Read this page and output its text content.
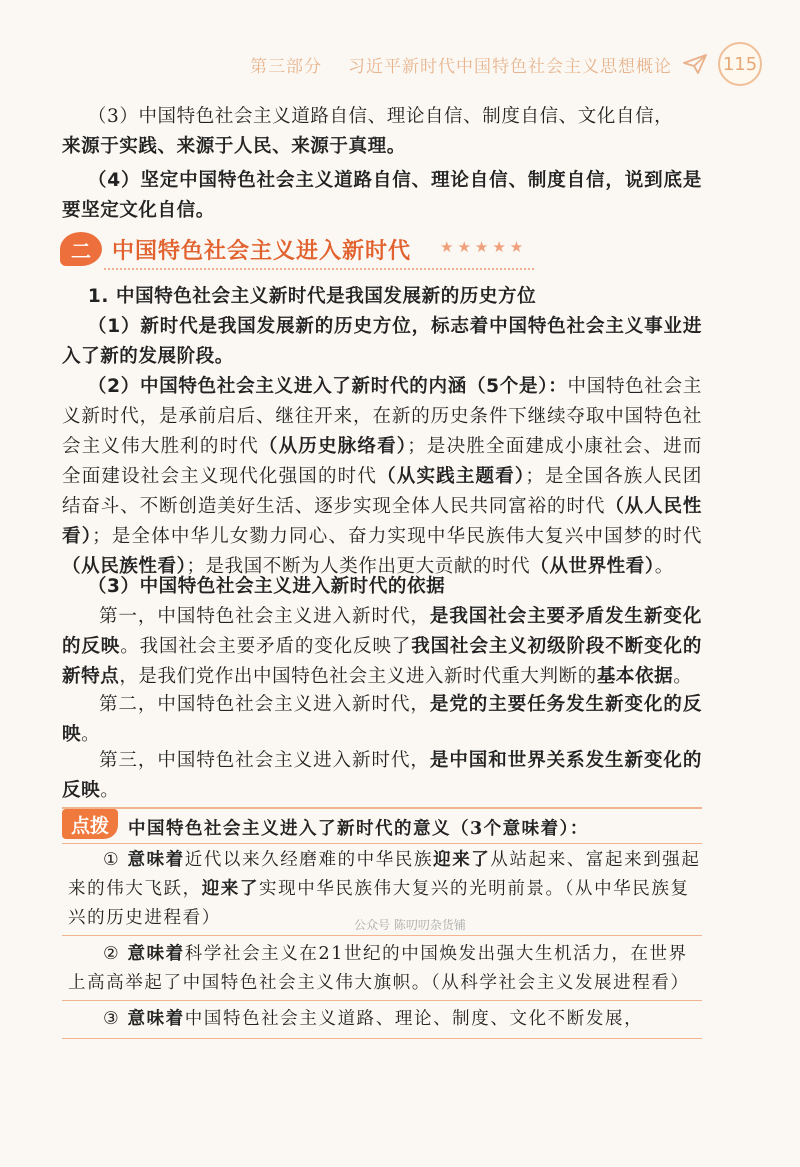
第三部分 习近平新时代中国特色社会主义思想概论	115

（3）中国特色社会主义道路自信、理论自信、制度自信、文化自信，
来源于实践、来源于人民、来源于真理。

（4）坚定中国特色社会主义道路自信、理论自信、制度自信，说到底是要坚定文化自信。

二 中国特色社会主义进入新时代 ★★★★★

1. 中国特色社会主义新时代是我国发展新的历史方位

（1）新时代是我国发展新的历史方位，标志着中国特色社会主义事业进入了新的发展阶段。

（2）中国特色社会主义进入了新时代的内涵（5个是）：中国特色社会主义新时代，是承前启后、继往开来，在新的历史条件下继续夺取中国特色社会主义伟大胜利的时代（从历史脉络看）；是决胜全面建成小康社会、进而全面建设社会主义现代化强国的时代（从实践主题看）；是全国各族人民团结奋斗、不断创造美好生活、逐步实现全体人民共同富裕的时代（从人民性看）；是全体中华儿女勠力同心、奋力实现中华民族伟大复兴中国梦的时代（从民族性看）；是我国不断为人类作出更大贡献的时代（从世界性看）。

（3）中国特色社会主义进入新时代的依据

第一，中国特色社会主义进入新时代，是我国社会主要矛盾发生新变化的反映。我国社会主要矛盾的变化反映了我国社会主义初级阶段不断变化的新特点，是我们党作出中国特色社会主义进入新时代重大判断的基本依据。

第二，中国特色社会主义进入新时代，是党的主要任务发生新变化的反映。

第三，中国特色社会主义进入新时代，是中国和世界关系发生新变化的反映。

点拨	中国特色社会主义进入了新时代的意义（3个意味着）：

① 意味着近代以来久经磨难的中华民族迎来了从站起来、富起来到强起来的伟大飞跃，迎来了实现中华民族伟大复兴的光明前景。（从中华民族复兴的历史进程看）	公众号 陈叨叨杂货铺

② 意味着科学社会主义在21世纪的中国焕发出强大生机活力，在世界上高高举起了中国特色社会主义伟大旗帜。（从科学社会主义发展进程看）

③ 意味着中国特色社会主义道路、理论、制度、文化不断发展，
